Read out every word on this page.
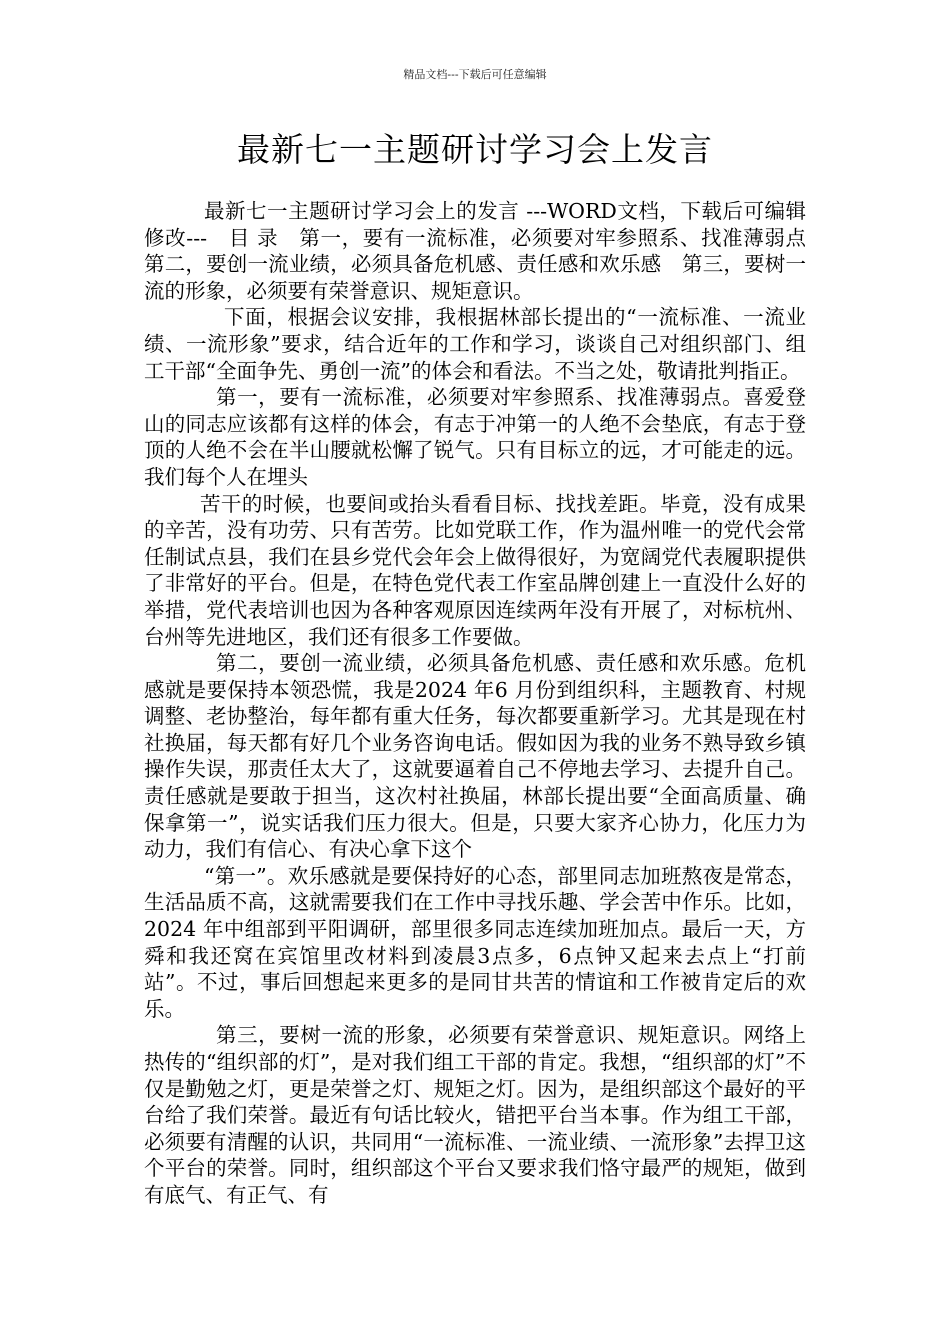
精品文档---下载后可任意编辑
最新七一主题研讨学习会上发言

最新七一主题研讨学习会上的发言 ---WORD文档，下载后可编辑修改---　目 录　第一，要有一流标准，必须要对牢参照系、找准薄弱点　第二，要创一流业绩，必须具备危机感、责任感和欢乐感　第三，要树一流的形象，必须要有荣誉意识、规矩意识。

下面，根据会议安排，我根据林部长提出的“一流标准、一流业绩、一流形象”要求，结合近年的工作和学习，谈谈自己对组织部门、组工干部“全面争先、勇创一流”的体会和看法。不当之处，敬请批判指正。

第一，要有一流标准，必须要对牢参照系、找准薄弱点。喜爱登山的同志应该都有这样的体会，有志于冲第一的人绝不会垫底，有志于登顶的人绝不会在半山腰就松懈了锐气。只有目标立的远，才可能走的远。我们每个人在埋头

苦干的时候，也要间或抬头看看目标、找找差距。毕竟，没有成果的辛苦，没有功劳、只有苦劳。比如党联工作，作为温州唯一的党代会常任制试点县，我们在县乡党代会年会上做得很好，为宽阔党代表履职提供了非常好的平台。但是，在特色党代表工作室品牌创建上一直没什么好的举措，党代表培训也因为各种客观原因连续两年没有开展了，对标杭州、台州等先进地区，我们还有很多工作要做。

第二，要创一流业绩，必须具备危机感、责任感和欢乐感。危机感就是要保持本领恐慌，我是2024 年6 月份到组织科，主题教育、村规调整、老协整治，每年都有重大任务，每次都要重新学习。尤其是现在村社换届，每天都有好几个业务咨询电话。假如因为我的业务不熟导致乡镇操作失误，那责任太大了，这就要逼着自己不停地去学习、去提升自己。责任感就是要敢于担当，这次村社换届，林部长提出要“全面高质量、确保拿第一”，说实话我们压力很大。但是，只要大家齐心协力，化压力为动力，我们有信心、有决心拿下这个

“第一”。欢乐感就是要保持好的心态，部里同志加班熬夜是常态，生活品质不高，这就需要我们在工作中寻找乐趣、学会苦中作乐。比如，2024 年中组部到平阳调研，部里很多同志连续加班加点。最后一天，方舜和我还窝在宾馆里改材料到凌晨3点多，6点钟又起来去点上“打前站”。不过，事后回想起来更多的是同甘共苦的情谊和工作被肯定后的欢乐。

第三，要树一流的形象，必须要有荣誉意识、规矩意识。网络上热传的“组织部的灯”，是对我们组工干部的肯定。我想，“组织部的灯”不仅是勤勉之灯，更是荣誉之灯、规矩之灯。因为，是组织部这个最好的平台给了我们荣誉。最近有句话比较火，错把平台当本事。作为组工干部，必须要有清醒的认识，共同用“一流标准、一流业绩、一流形象”去捍卫这个平台的荣誉。同时，组织部这个平台又要求我们恪守最严的规矩，做到有底气、有正气、有
